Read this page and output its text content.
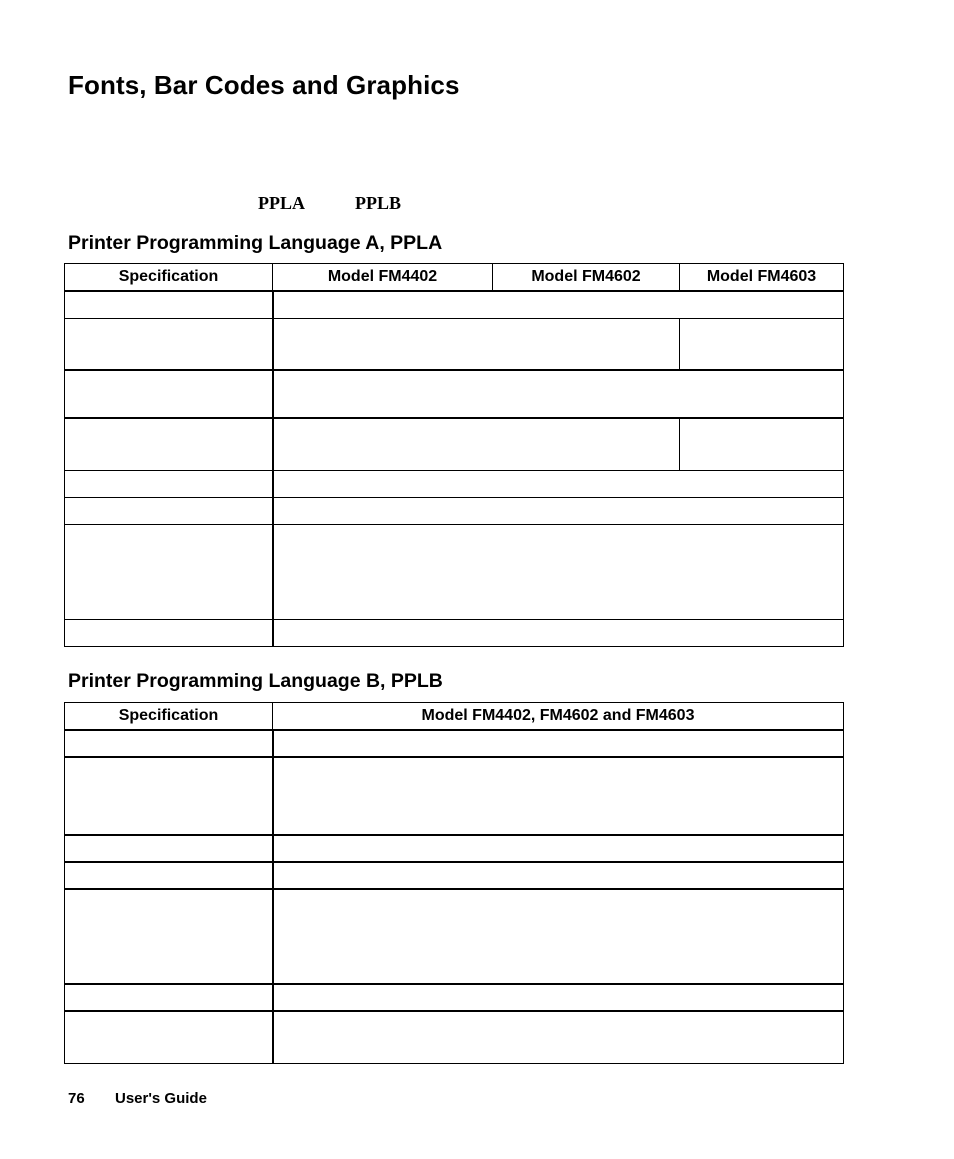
Fonts, Bar Codes and Graphics
PPLA	PPLB
Printer Programming Language A, PPLA
Specification	Model FM4402	Model FM4602	Model FM4603

Printer Programming Language B, PPLB
Specification	Model FM4402, FM4602 and FM4603

76 User's Guide
